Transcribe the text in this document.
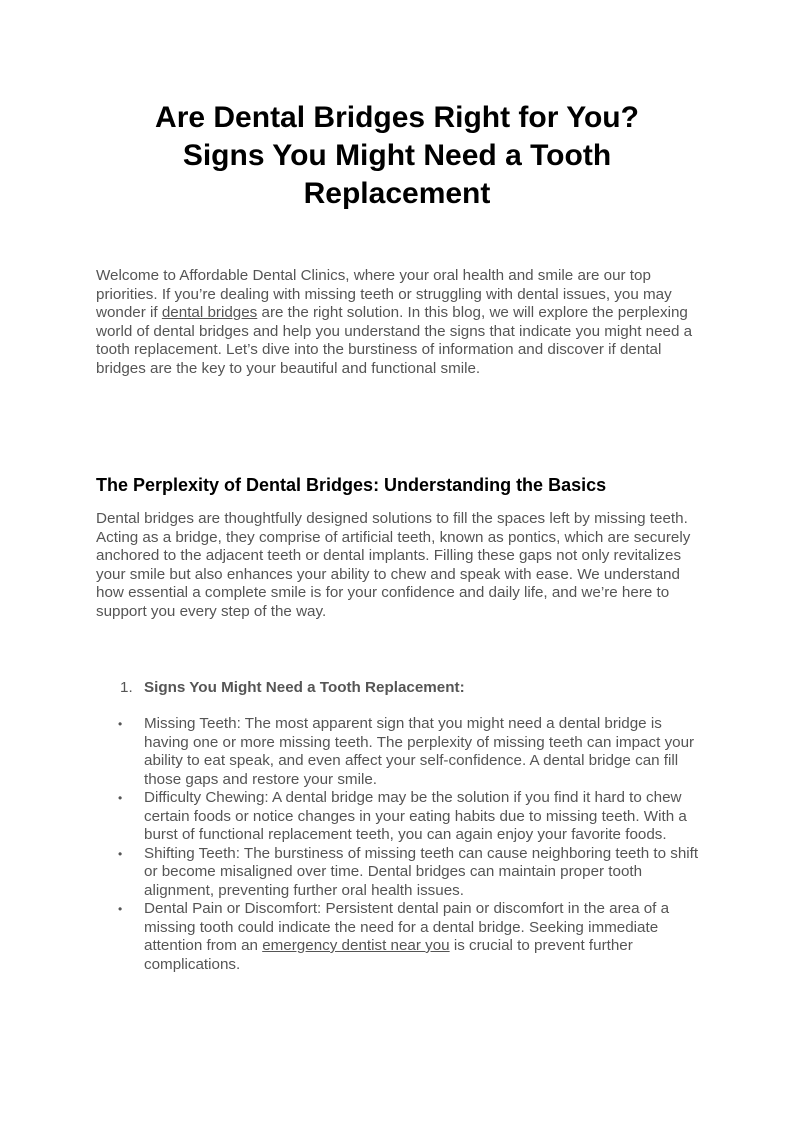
Are Dental Bridges Right for You?
Signs You Might Need a Tooth
Replacement

Welcome to Affordable Dental Clinics, where your oral health and smile are our top priorities. If you’re dealing with missing teeth or struggling with dental issues, you may wonder if dental bridges are the right solution. In this blog, we will explore the perplexing world of dental bridges and help you understand the signs that indicate you might need a tooth replacement. Let’s dive into the burstiness of information and discover if dental bridges are the key to your beautiful and functional smile.

The Perplexity of Dental Bridges: Understanding the Basics

Dental bridges are thoughtfully designed solutions to fill the spaces left by missing teeth. Acting as a bridge, they comprise of artificial teeth, known as pontics, which are securely anchored to the adjacent teeth or dental implants. Filling these gaps not only revitalizes your smile but also enhances your ability to chew and speak with ease. We understand how essential a complete smile is for your confidence and daily life, and we’re here to support you every step of the way.

1. Signs You Might Need a Tooth Replacement:

• Missing Teeth: The most apparent sign that you might need a dental bridge is having one or more missing teeth. The perplexity of missing teeth can impact your ability to eat speak, and even affect your self-confidence. A dental bridge can fill those gaps and restore your smile.
• Difficulty Chewing: A dental bridge may be the solution if you find it hard to chew certain foods or notice changes in your eating habits due to missing teeth. With a burst of functional replacement teeth, you can again enjoy your favorite foods.
• Shifting Teeth: The burstiness of missing teeth can cause neighboring teeth to shift or become misaligned over time. Dental bridges can maintain proper tooth alignment, preventing further oral health issues.
• Dental Pain or Discomfort: Persistent dental pain or discomfort in the area of a missing tooth could indicate the need for a dental bridge. Seeking immediate attention from an emergency dentist near you is crucial to prevent further complications.
